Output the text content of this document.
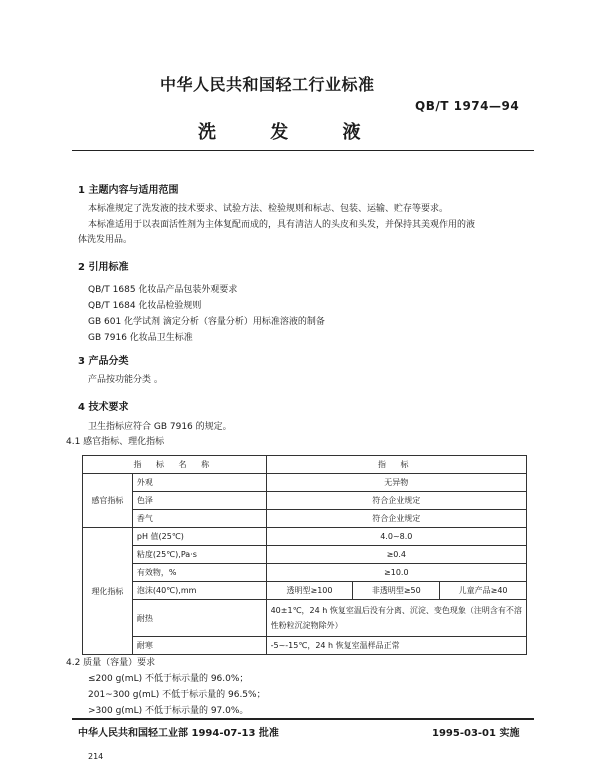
中华人民共和国轻工行业标准
QB/T 1974—94
洗 发 液
1 主题内容与适用范围
本标准规定了洗发液的技术要求、试验方法、检验规则和标志、包装、运输、贮存等要求。
本标准适用于以表面活性剂为主体复配而成的，具有清洁人的头皮和头发，并保持其美观作用的液
体洗发用品。
2 引用标准
QB/T 1685 化妆品产品包装外观要求
QB/T 1684 化妆品检验规则
GB 601 化学试剂 滴定分析（容量分析）用标准溶液的制备
GB 7916 化妆品卫生标准
3 产品分类
产品按功能分类 。
4 技术要求
卫生指标应符合 GB 7916 的规定。
4.1 感官指标、理化指标
指 标 名 称		指 标		
感官指标	外观	无异物		
	色泽	符合企业规定		
	香气	符合企业规定		
理化指标	pH 值(25℃)	4.0~8.0		
	粘度(25℃),Pa·s	≥0.4		
	有效物，%	≥10.0		
	泡沫(40℃),mm	透明型≥100	非透明型≥50	儿童产品≥40
	耐热	40±1℃，24 h 恢复室温后没有分离、沉淀、变色现象（注明含有不溶性粉粒沉淀物除外）		
	耐寒	-5~-15℃，24 h 恢复室温样品正常		
4.2 质量（容量）要求
≤200 g(mL) 不低于标示量的 96.0%；
201~300 g(mL) 不低于标示量的 96.5%；
>300 g(mL) 不低于标示量的 97.0%。
中华人民共和国轻工业部 1994-07-13 批准	1995-03-01 实施
214
